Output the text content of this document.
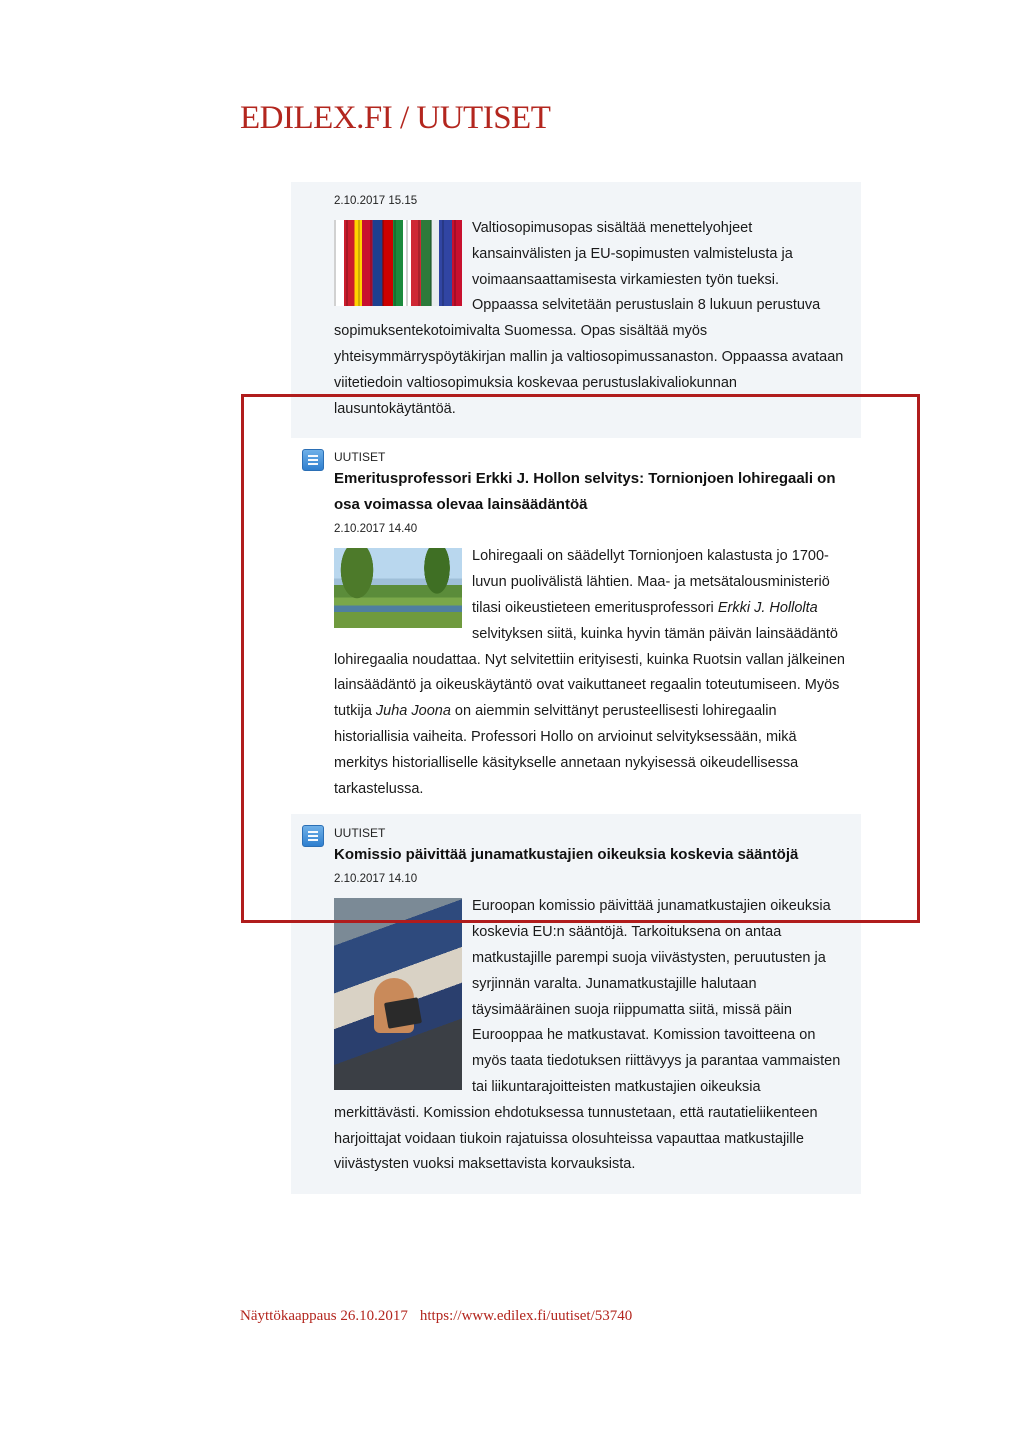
EDILEX.FI / UUTISET
2.10.2017 15.15

Valtiosopimusopas sisältää menettelyohjeet kansainvälisten ja EU-sopimusten valmistelusta ja voimaansaattamisesta virkamiesten työn tueksi. Oppaassa selvitetään perustuslain 8 lukuun perustuva sopimuksentekotoimivalta Suomessa. Opas sisältää myös yhteisymmärryspöytäkirjan mallin ja valtiosopimussanaston. Oppaassa avataan viitetiedoin valtiosopimuksia koskevaa perustuslakivaliokunnan lausuntokäytäntöä.

UUTISET
Emeritusprofessori Erkki J. Hollon selvitys: Tornionjoen lohiregaali on osa voimassa olevaa lainsäädäntöä
2.10.2017 14.40

Lohiregaali on säädellyt Tornionjoen kalastusta jo 1700-luvun puolivälistä lähtien. Maa- ja metsätalousministeriö tilasi oikeustieteen emeritusprofessori Erkki J. Hollolta selvityksen siitä, kuinka hyvin tämän päivän lainsäädäntö lohiregaalia noudattaa. Nyt selvitettiin erityisesti, kuinka Ruotsin vallan jälkeinen lainsäädäntö ja oikeuskäytäntö ovat vaikuttaneet regaalin toteutumiseen. Myös tutkija Juha Joona on aiemmin selvittänyt perusteellisesti lohiregaalin historiallisia vaiheita. Professori Hollo on arvioinut selvityksessään, mikä merkitys historialliselle käsitykselle annetaan nykyisessä oikeudellisessa tarkastelussa.

UUTISET
Komissio päivittää junamatkustajien oikeuksia koskevia sääntöjä
2.10.2017 14.10

Euroopan komissio päivittää junamatkustajien oikeuksia koskevia EU:n sääntöjä. Tarkoituksena on antaa matkustajille parempi suoja viivästysten, peruutusten ja syrjinnän varalta. Junamatkustajille halutaan täysimääräinen suoja riippumatta siitä, missä päin Eurooppaa he matkustavat. Komission tavoitteena on myös taata tiedotuksen riittävyys ja parantaa vammaisten tai liikuntarajoitteisten matkustajien oikeuksia merkittävästi. Komission ehdotuksessa tunnustetaan, että rautatieliikenteen harjoittajat voidaan tiukoin rajatuissa olosuhteissa vapauttaa matkustajille viivästysten vuoksi maksettavista korvauksista.

Näyttökaappaus 26.10.2017 https://www.edilex.fi/uutiset/53740
